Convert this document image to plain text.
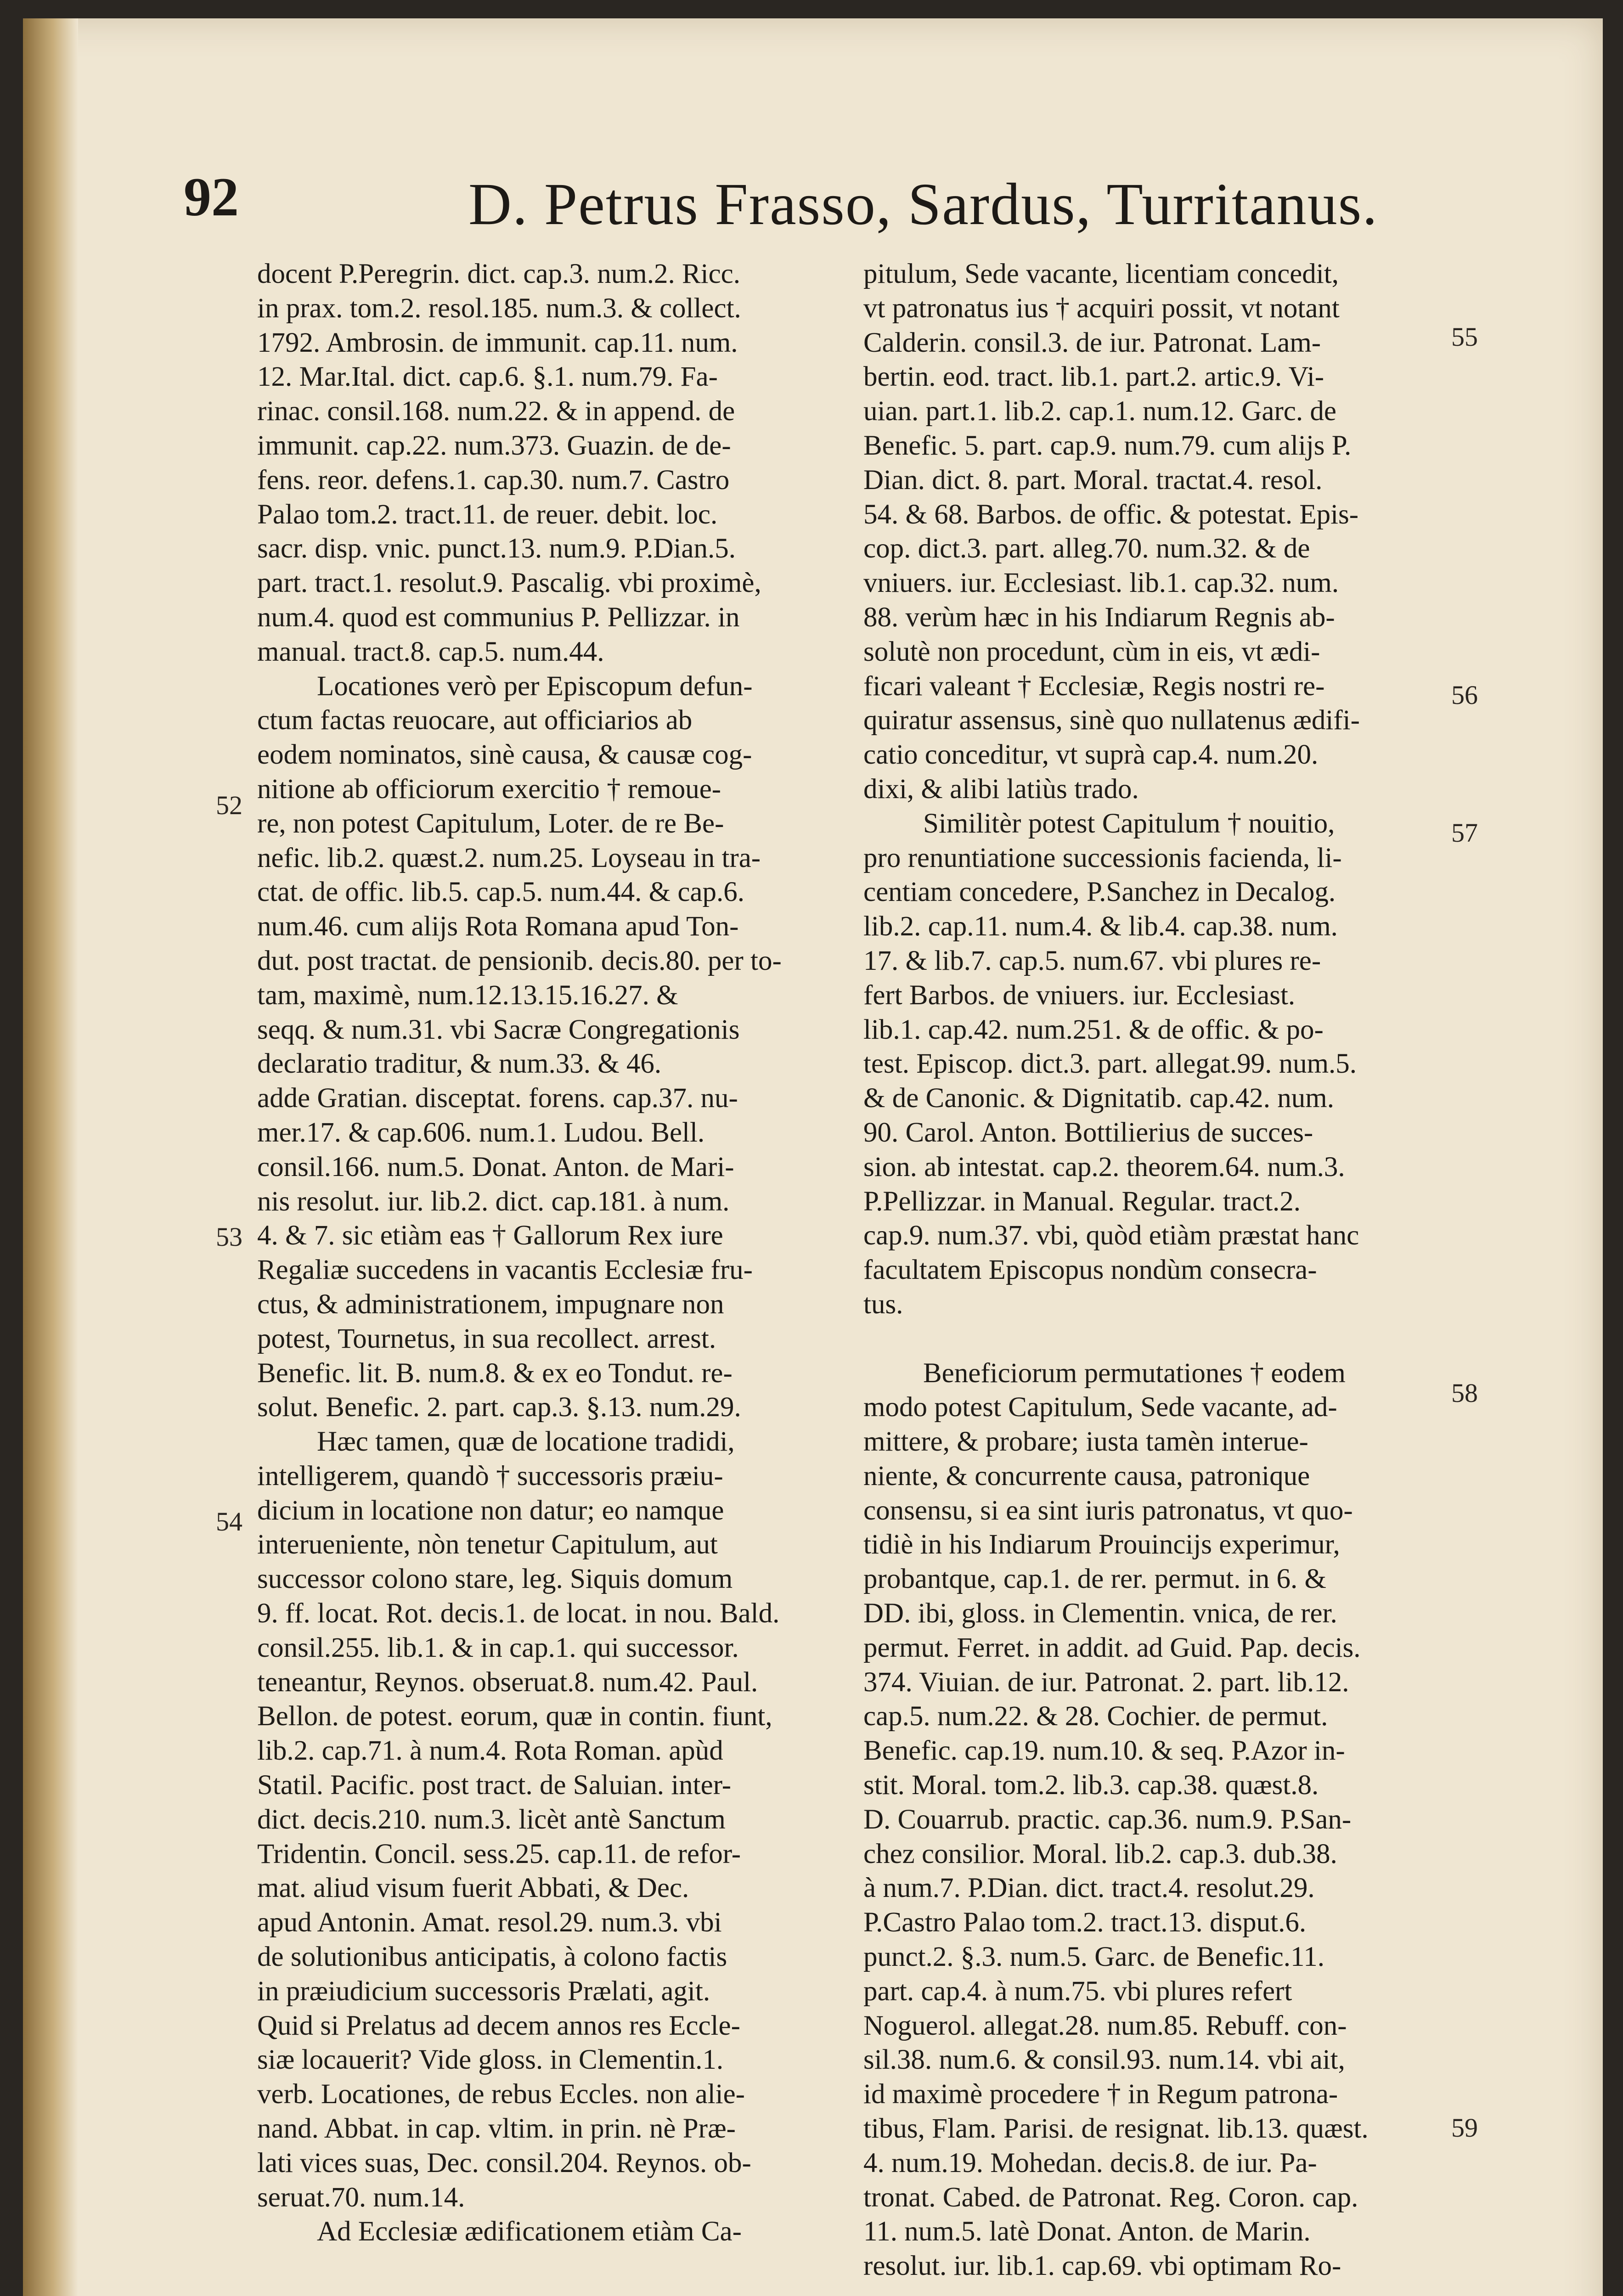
92	D. Petrus Frasso, Sardus, Turritanus.
docent P.Peregrin. dict. cap.3. num.2. Ricc.
in prax. tom.2. resol.185. num.3. & collect.
1792. Ambrosin. de immunit. cap.11. num.
12. Mar.Ital. dict. cap.6. §.1. num.79. Fa-
rinac. consil.168. num.22. & in append. de
immunit. cap.22. num.373. Guazin. de de-
fens. reor. defens.1. cap.30. num.7. Castro
Palao tom.2. tract.11. de reuer. debit. loc.
sacr. disp. vnic. punct.13. num.9. P.Dian.5.
part. tract.1. resolut.9. Pascalig. vbi proximè,
num.4. quod est communius P. Pellizzar. in
manual. tract.8. cap.5. num.44.
Locationes verò per Episcopum defun-
ctum factas reuocare, aut officiarios ab
eodem nominatos, sinè causa, & causæ cog-
nitione ab officiorum exercitio † remoue-
re, non potest Capitulum, Loter. de re Be-
nefic. lib.2. quæst.2. num.25. Loyseau in tra-
ctat. de offic. lib.5. cap.5. num.44. & cap.6.
num.46. cum alijs Rota Romana apud Ton-
dut. post tractat. de pensionib. decis.80. per to-
tam, maximè, num.12.13.15.16.27. &
seqq. & num.31. vbi Sacræ Congregationis
declaratio traditur, & num.33. & 46.
adde Gratian. disceptat. forens. cap.37. nu-
mer.17. & cap.606. num.1. Ludou. Bell.
consil.166. num.5. Donat. Anton. de Mari-
nis resolut. iur. lib.2. dict. cap.181. à num.
4. & 7. sic etiàm eas † Gallorum Rex iure
Regaliæ succedens in vacantis Ecclesiæ fru-
ctus, & administrationem, impugnare non
potest, Tournetus, in sua recollect. arrest.
Benefic. lit. B. num.8. & ex eo Tondut. re-
solut. Benefic. 2. part. cap.3. §.13. num.29.
Hæc tamen, quæ de locatione tradidi,
intelligerem, quandò † successoris præiu-
dicium in locatione non datur; eo namque
interueniente, nòn tenetur Capitulum, aut
successor colono stare, leg. Siquis domum
9. ff. locat. Rot. decis.1. de locat. in nou. Bald.
consil.255. lib.1. & in cap.1. qui successor.
teneantur, Reynos. obseruat.8. num.42. Paul.
Bellon. de potest. eorum, quæ in contin. fiunt,
lib.2. cap.71. à num.4. Rota Roman. apùd
Statil. Pacific. post tract. de Saluian. inter-
dict. decis.210. num.3. licèt antè Sanctum
Tridentin. Concil. sess.25. cap.11. de refor-
mat. aliud visum fuerit Abbati, & Dec.
apud Antonin. Amat. resol.29. num.3. vbi
de solutionibus anticipatis, à colono factis
in præiudicium successoris Prælati, agit.
Quid si Prelatus ad decem annos res Eccle-
siæ locauerit? Vide gloss. in Clementin.1.
verb. Locationes, de rebus Eccles. non alie-
nand. Abbat. in cap. vltim. in prin. nè Præ-
lati vices suas, Dec. consil.204. Reynos. ob-
seruat.70. num.14.
Ad Ecclesiæ ædificationem etiàm Ca-
pitulum, Sede vacante, licentiam concedit,
vt patronatus ius † acquiri possit, vt notant
Calderin. consil.3. de iur. Patronat. Lam-
bertin. eod. tract. lib.1. part.2. artic.9. Vi-
uian. part.1. lib.2. cap.1. num.12. Garc. de
Benefic. 5. part. cap.9. num.79. cum alijs P.
Dian. dict. 8. part. Moral. tractat.4. resol.
54. & 68. Barbos. de offic. & potestat. Epis-
cop. dict.3. part. alleg.70. num.32. & de
vniuers. iur. Ecclesiast. lib.1. cap.32. num.
88. verùm hæc in his Indiarum Regnis ab-
solutè non procedunt, cùm in eis, vt ædi-
ficari valeant † Ecclesiæ, Regis nostri re-
quiratur assensus, sinè quo nullatenus ædifi-
catio conceditur, vt suprà cap.4. num.20.
dixi, & alibi latiùs trado.
Similitèr potest Capitulum † nouitio,
pro renuntiatione successionis facienda, li-
centiam concedere, P.Sanchez in Decalog.
lib.2. cap.11. num.4. & lib.4. cap.38. num.
17. & lib.7. cap.5. num.67. vbi plures re-
fert Barbos. de vniuers. iur. Ecclesiast.
lib.1. cap.42. num.251. & de offic. & po-
test. Episcop. dict.3. part. allegat.99. num.5.
& de Canonic. & Dignitatib. cap.42. num.
90. Carol. Anton. Bottilierius de succes-
sion. ab intestat. cap.2. theorem.64. num.3.
P.Pellizzar. in Manual. Regular. tract.2.
cap.9. num.37. vbi, quòd etiàm præstat hanc
facultatem Episcopus nondùm consecra-
tus.
Beneficiorum permutationes † eodem
modo potest Capitulum, Sede vacante, ad-
mittere, & probare; iusta tamèn interue-
niente, & concurrente causa, patronique
consensu, si ea sint iuris patronatus, vt quo-
tidiè in his Indiarum Prouincijs experimur,
probantque, cap.1. de rer. permut. in 6. &
DD. ibi, gloss. in Clementin. vnica, de rer.
permut. Ferret. in addit. ad Guid. Pap. decis.
374. Viuian. de iur. Patronat. 2. part. lib.12.
cap.5. num.22. & 28. Cochier. de permut.
Benefic. cap.19. num.10. & seq. P.Azor in-
stit. Moral. tom.2. lib.3. cap.38. quæst.8.
D. Couarrub. practic. cap.36. num.9. P.San-
chez consilior. Moral. lib.2. cap.3. dub.38.
à num.7. P.Dian. dict. tract.4. resolut.29.
P.Castro Palao tom.2. tract.13. disput.6.
punct.2. §.3. num.5. Garc. de Benefic.11.
part. cap.4. à num.75. vbi plures refert
Noguerol. allegat.28. num.85. Rebuff. con-
sil.38. num.6. & consil.93. num.14. vbi ait,
id maximè procedere † in Regum patrona-
tibus, Flam. Parisi. de resignat. lib.13. quæst.
4. num.19. Mohedan. decis.8. de iur. Pa-
tronat. Cabed. de Patronat. Reg. Coron. cap.
11. num.5. latè Donat. Anton. de Marin.
resolut. iur. lib.1. cap.69. vbi optimam Ro-
52
53
54
55
56
57
58
59
